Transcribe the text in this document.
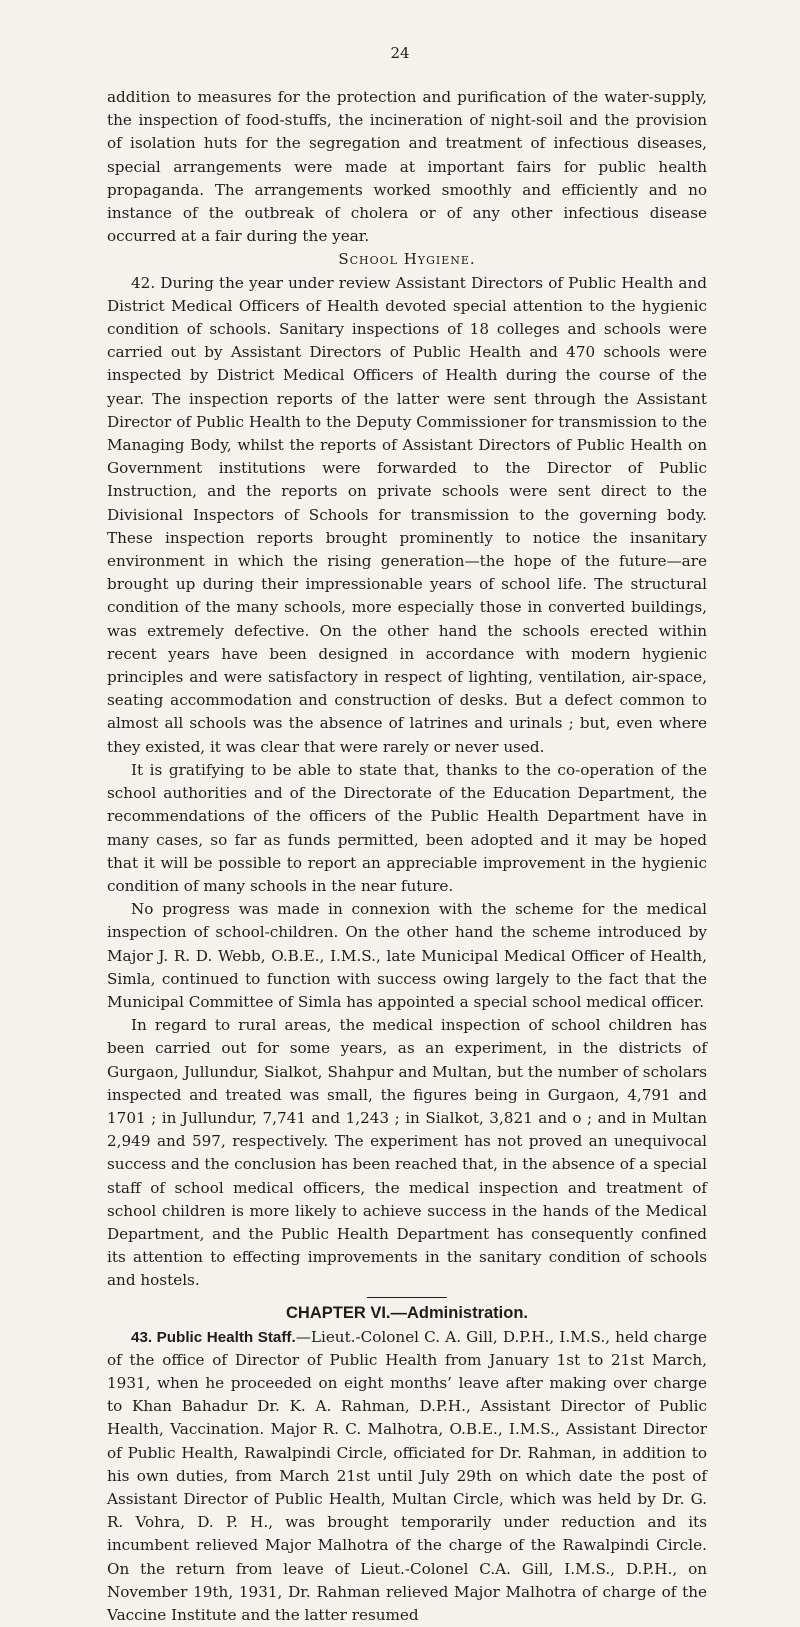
24

addition to measures for the protection and purification of the water-supply, the inspection of food-stuffs, the incineration of night-soil and the provision of isolation huts for the segregation and treatment of infectious diseases, special arrangements were made at important fairs for public health propaganda. The arrangements worked smoothly and efficiently and no instance of the outbreak of cholera or of any other infectious disease occurred at a fair during the year.

School Hygiene.

42. During the year under review Assistant Directors of Public Health and District Medical Officers of Health devoted special attention to the hygienic condition of schools. Sanitary inspections of 18 colleges and schools were carried out by Assistant Directors of Public Health and 470 schools were inspected by District Medical Officers of Health during the course of the year. The inspection reports of the latter were sent through the Assistant Director of Public Health to the Deputy Commissioner for transmission to the Managing Body, whilst the reports of Assistant Directors of Public Health on Government institutions were forwarded to the Director of Public Instruction, and the reports on private schools were sent direct to the Divisional Inspectors of Schools for transmission to the governing body. These inspection reports brought prominently to notice the insanitary environment in which the rising generation—the hope of the future—are brought up during their impressionable years of school life. The structural condition of the many schools, more especially those in converted buildings, was extremely defective. On the other hand the schools erected within recent years have been designed in accordance with modern hygienic principles and were satisfactory in respect of lighting, ventilation, air-space, seating accommodation and construction of desks. But a defect common to almost all schools was the absence of latrines and urinals ; but, even where they existed, it was clear that were rarely or never used.

It is gratifying to be able to state that, thanks to the co-operation of the school authorities and of the Directorate of the Education Department, the recommendations of the officers of the Public Health Department have in many cases, so far as funds permitted, been adopted and it may be hoped that it will be possible to report an appreciable improvement in the hygienic condition of many schools in the near future.

No progress was made in connexion with the scheme for the medical inspection of school-children. On the other hand the scheme introduced by Major J. R. D. Webb, O.B.E., I.M.S., late Municipal Medical Officer of Health, Simla, continued to function with success owing largely to the fact that the Municipal Committee of Simla has appointed a special school medical officer.

In regard to rural areas, the medical inspection of school children has been carried out for some years, as an experiment, in the districts of Gurgaon, Jullundur, Sialkot, Shahpur and Multan, but the number of scholars inspected and treated was small, the figures being in Gurgaon, 4,791 and 1701 ; in Jullundur, 7,741 and 1,243 ; in Sialkot, 3,821 and o ; and in Multan 2,949 and 597, respectively. The experiment has not proved an unequivocal success and the conclusion has been reached that, in the absence of a special staff of school medical officers, the medical inspection and treatment of school children is more likely to achieve success in the hands of the Medical Department, and the Public Health Department has consequently confined its attention to effecting improvements in the sanitary condition of schools and hostels.

CHAPTER VI.—Administration.

43. Public Health Staff.—Lieut.-Colonel C. A. Gill, D.P.H., I.M.S., held charge of the office of Director of Public Health from January 1st to 21st March, 1931, when he proceeded on eight months’ leave after making over charge to Khan Bahadur Dr. K. A. Rahman, D.P.H., Assistant Director of Public Health, Vaccination. Major R. C. Malhotra, O.B.E., I.M.S., Assistant Director of Public Health, Rawalpindi Circle, officiated for Dr. Rahman, in addition to his own duties, from March 21st until July 29th on which date the post of Assistant Director of Public Health, Multan Circle, which was held by Dr. G. R. Vohra, D. P. H., was brought temporarily under reduction and its incumbent relieved Major Malhotra of the charge of the Rawalpindi Circle. On the return from leave of Lieut.-Colonel C.A. Gill, I.M.S., D.P.H., on November 19th, 1931, Dr. Rahman relieved Major Malhotra of charge of the Vaccine Institute and the latter resumed
